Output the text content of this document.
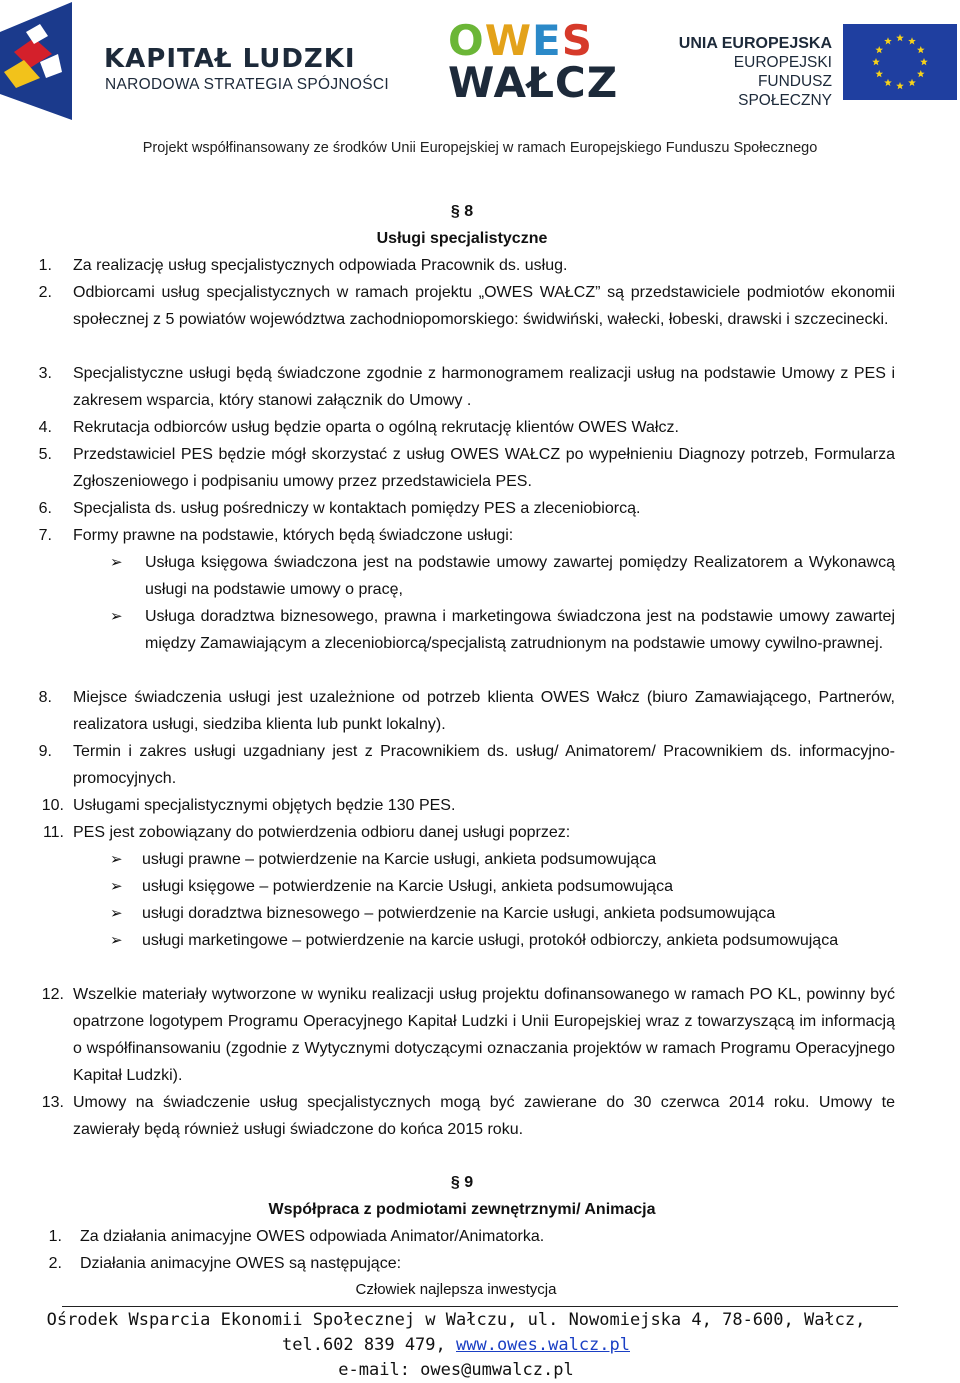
KAPITAŁ LUDZKI
NARODOWA STRATEGIA SPÓJNOŚCI
OWES
WAŁCZ
UNIA EUROPEJSKA
EUROPEJSKI
FUNDUSZ SPOŁECZNY
Projekt współfinansowany ze środków Unii Europejskiej w ramach Europejskiego Funduszu Społecznego
§ 8
Usługi specjalistyczne
1. Za realizację usług specjalistycznych odpowiada Pracownik ds. usług.
2. Odbiorcami usług specjalistycznych w ramach projektu „OWES WAŁCZ” są przedstawiciele podmiotów ekonomii społecznej z 5 powiatów województwa zachodniopomorskiego: świdwiński, wałecki, łobeski, drawski i szczecinecki.
3. Specjalistyczne usługi będą świadczone zgodnie z harmonogramem realizacji usług na podstawie Umowy z PES i zakresem wsparcia, który stanowi załącznik do Umowy .
4. Rekrutacja odbiorców usług będzie oparta o ogólną rekrutację klientów OWES Wałcz.
5. Przedstawiciel PES będzie mógł skorzystać z usług OWES WAŁCZ po wypełnieniu Diagnozy potrzeb, Formularza Zgłoszeniowego i podpisaniu umowy przez przedstawiciela PES.
6. Specjalista ds. usług pośredniczy w kontaktach pomiędzy PES a zleceniobiorcą.
7. Formy prawne na podstawie, których będą świadczone usługi:
➢ Usługa księgowa świadczona jest na podstawie umowy zawartej pomiędzy Realizatorem a Wykonawcą usługi na podstawie umowy o pracę,
➢ Usługa doradztwa biznesowego, prawna i marketingowa świadczona jest na podstawie umowy zawartej między Zamawiającym a zleceniobiorcą/specjalistą zatrudnionym na podstawie umowy cywilno-prawnej.
8. Miejsce świadczenia usługi jest uzależnione od potrzeb klienta OWES Wałcz (biuro Zamawiającego, Partnerów, realizatora usługi, siedziba klienta lub punkt lokalny).
9. Termin i zakres usługi uzgadniany jest z Pracownikiem ds. usług/ Animatorem/ Pracownikiem ds. informacyjno-promocyjnych.
10. Usługami specjalistycznymi objętych będzie 130 PES.
11. PES jest zobowiązany do potwierdzenia odbioru danej usługi poprzez:
➢ usługi prawne – potwierdzenie na Karcie usługi, ankieta podsumowująca
➢ usługi księgowe – potwierdzenie na Karcie Usługi, ankieta podsumowująca
➢ usługi doradztwa biznesowego – potwierdzenie na Karcie usługi, ankieta podsumowująca
➢ usługi marketingowe – potwierdzenie na karcie usługi, protokół odbiorczy, ankieta podsumowująca
12. Wszelkie materiały wytworzone w wyniku realizacji usług projektu dofinansowanego w ramach PO KL, powinny być opatrzone logotypem Programu Operacyjnego Kapitał Ludzki i Unii Europejskiej wraz z towarzyszącą im informacją o współfinansowaniu (zgodnie z Wytycznymi dotyczącymi oznaczania projektów w ramach Programu Operacyjnego Kapitał Ludzki).
13. Umowy na świadczenie usług specjalistycznych mogą być zawierane do 30 czerwca 2014 roku. Umowy te zawierały będą również usługi świadczone do końca 2015 roku.
§ 9
Współpraca z podmiotami zewnętrznymi/ Animacja
1. Za działania animacyjne OWES odpowiada Animator/Animatorka.
2. Działania animacyjne OWES są następujące:
Człowiek najlepsza inwestycja
Ośrodek Wsparcia Ekonomii Społecznej w Wałczu, ul. Nowomiejska 4, 78-600, Wałcz,
tel.602 839 479, www.owes.walcz.pl
e-mail: owes@umwalcz.pl
